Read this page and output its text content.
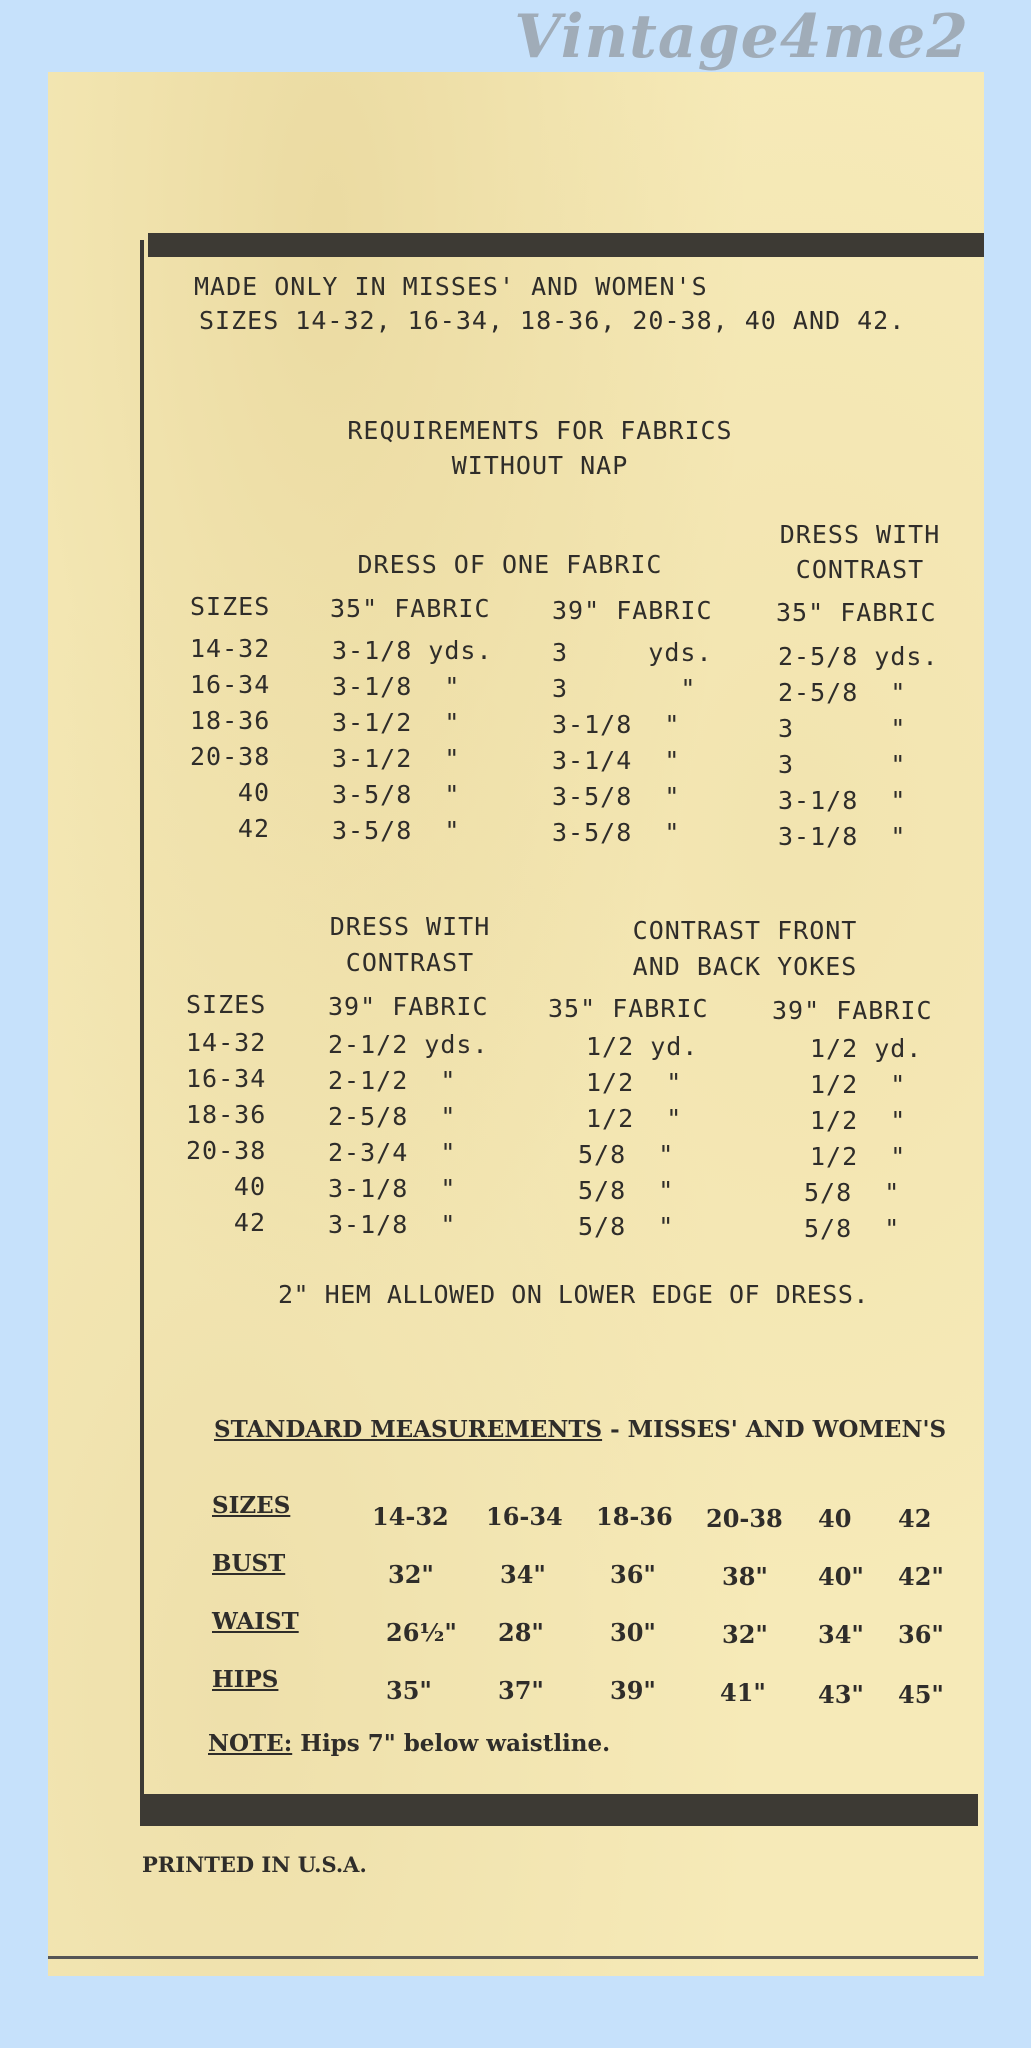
Vintage4me2
MADE ONLY IN MISSES' AND WOMEN'S
SIZES 14-32, 16-34, 18-36, 20-38, 40 AND 42.
REQUIREMENTS FOR FABRICS
WITHOUT NAP
DRESS OF ONE FABRIC
DRESS WITH
CONTRAST
SIZES 35" FABRIC 39" FABRIC	35" FABRIC
14-32 3-1/8 yds. 3     yds.	2-5/8 yds.
16-34 3-1/8  "	3       "	2-5/8  "
18-36 3-1/2  "	3-1/8  "	3      "
20-38 3-1/2  "	3-1/4  "	3      "
40 3-5/8  "	3-5/8  "	3-1/8  "
42 3-5/8  "	3-5/8  "	3-1/8  "
DRESS WITH
CONTRAST
CONTRAST FRONT
AND BACK YOKES
SIZES 39" FABRIC 35" FABRIC	39" FABRIC
14-32 2-1/2 yds.	1/2 yd.	1/2 yd.
16-34 2-1/2  "	1/2  "	1/2  "
18-36 2-5/8  "	1/2  "	1/2  "
20-38 2-3/4  "	5/8  "	1/2  "
40 3-1/8  "	5/8  "	5/8  "
42 3-1/8  "	5/8  "	5/8  "
2" HEM ALLOWED ON LOWER EDGE OF DRESS.
STANDARD MEASUREMENTS - MISSES' AND WOMEN'S
SIZES	14-32 16-34 18-36 20-38 40 42
BUST	32"	34"	36"	38" 40" 42"
WAIST	26½" 28"	30"	32" 34" 36"
HIPS	35"	37"	39"	41" 43" 45"
NOTE: Hips 7" below waistline.
PRINTED IN U.S.A.
